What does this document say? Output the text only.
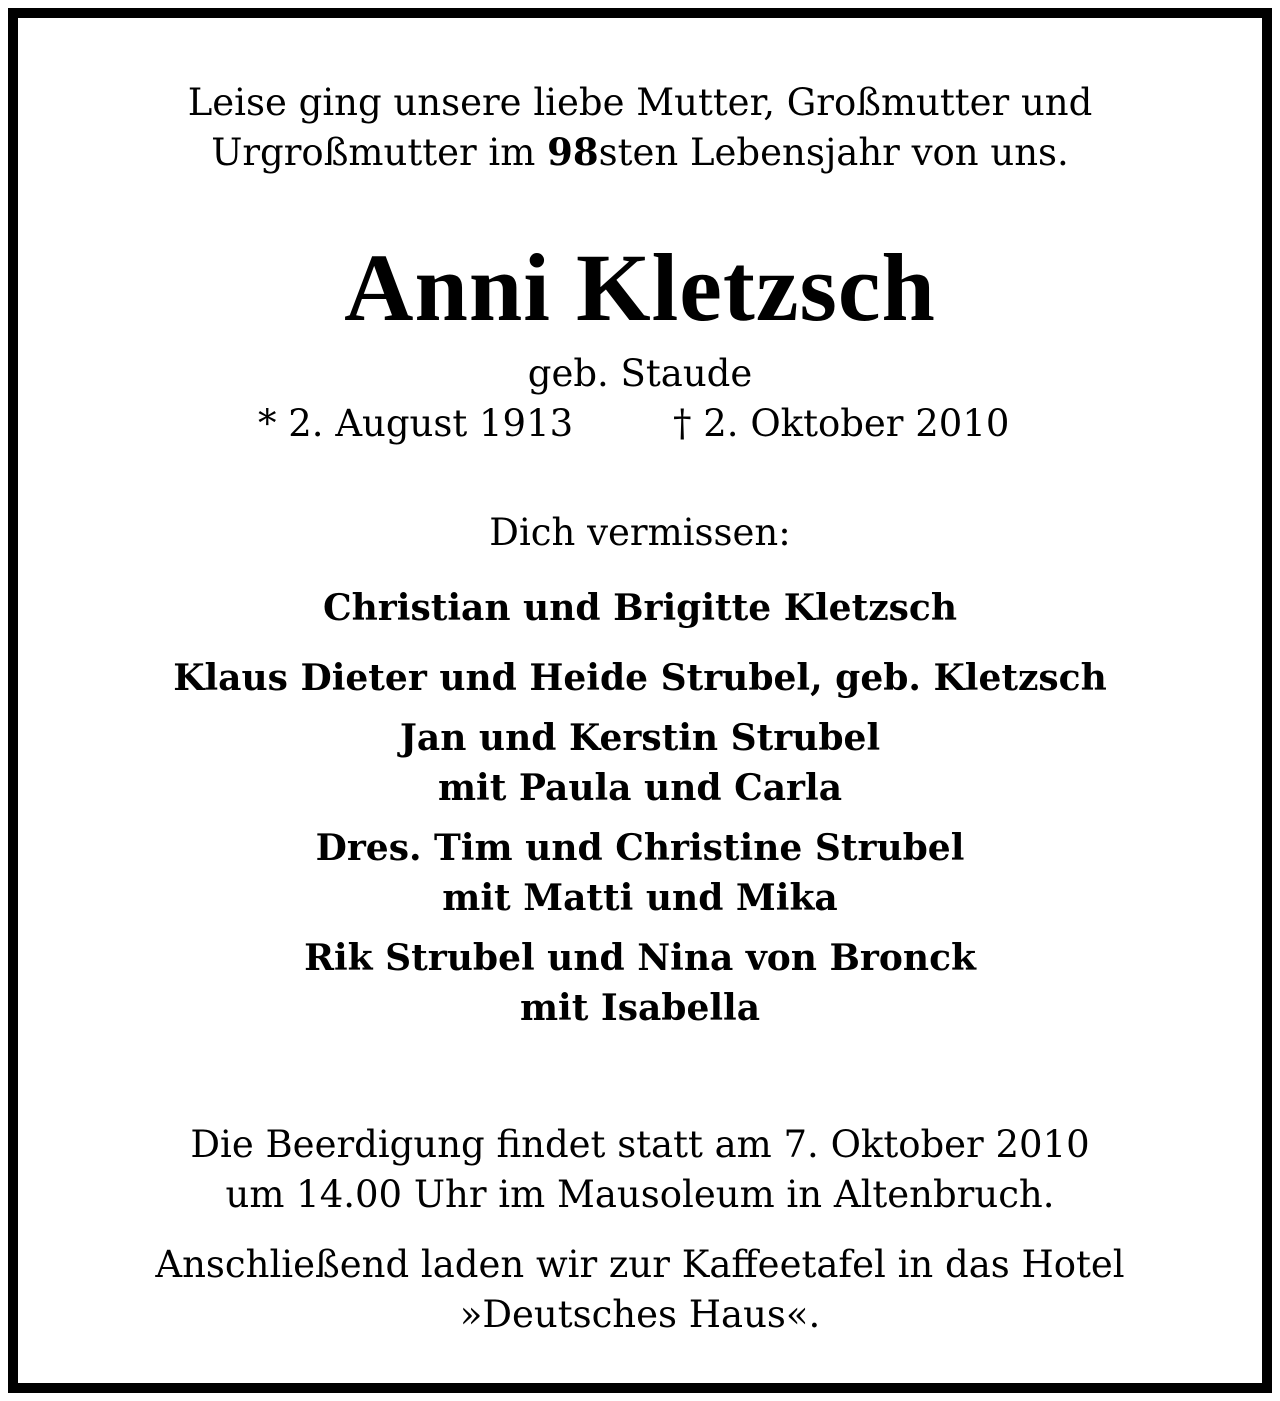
Leise ging unsere liebe Mutter, Großmutter und
Urgroßmutter im 98sten Lebensjahr von uns.
Anni Kletzsch
geb. Staude
* 2. August 1913	† 2. Oktober 2010
Dich vermissen:
Christian und Brigitte Kletzsch
Klaus Dieter und Heide Strubel, geb. Kletzsch
Jan und Kerstin Strubel
mit Paula und Carla
Dres. Tim und Christine Strubel
mit Matti und Mika
Rik Strubel und Nina von Bronck
mit Isabella
Die Beerdigung findet statt am 7. Oktober 2010
um 14.00 Uhr im Mausoleum in Altenbruch.
Anschließend laden wir zur Kaffeetafel in das Hotel
»Deutsches Haus«.
